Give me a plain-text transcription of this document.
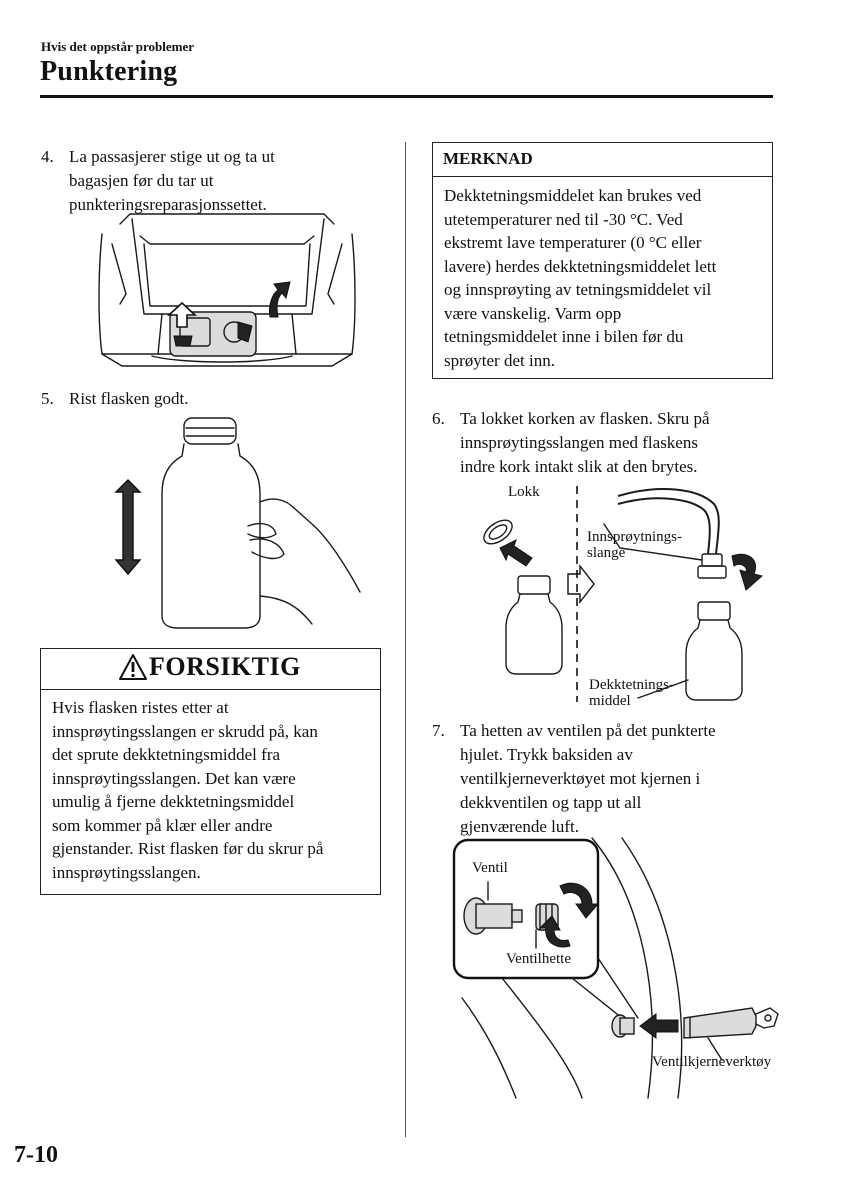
Hvis det oppstår problemer
Punktering
4. La passasjerer stige ut og ta ut
bagasjen før du tar ut
punkteringsreparasjonssettet.
5. Rist flasken godt.
FORSIKTIG
Hvis flasken ristes etter at
innsprøytingsslangen er skrudd på, kan
det sprute dekktetningsmiddel fra
innsprøytingsslangen. Det kan være
umulig å fjerne dekktetningsmiddel
som kommer på klær eller andre
gjenstander. Rist flasken før du skrur på
innsprøytingsslangen.
MERKNAD
Dekktetningsmiddelet kan brukes ved
utetemperaturer ned til -30 °C. Ved
ekstremt lave temperaturer (0 °C eller
lavere) herdes dekktetningsmiddelet lett
og innsprøyting av tetningsmiddelet vil
være vanskelig. Varm opp
tetningsmiddelet inne i bilen før du
sprøyter det inn.
6. Ta lokket korken av flasken. Skru på
innsprøytingsslangen med flaskens
indre kork intakt slik at den brytes.
Lokk
Innsprøytnings-
slange
Dekktetnings-
middel
7. Ta hetten av ventilen på det punkterte
hjulet. Trykk baksiden av
ventilkjerneverktøyet mot kjernen i
dekkventilen og tapp ut all
gjenværende luft.
Ventil
Ventilhette
Ventilkjerneverktøy
7-10
